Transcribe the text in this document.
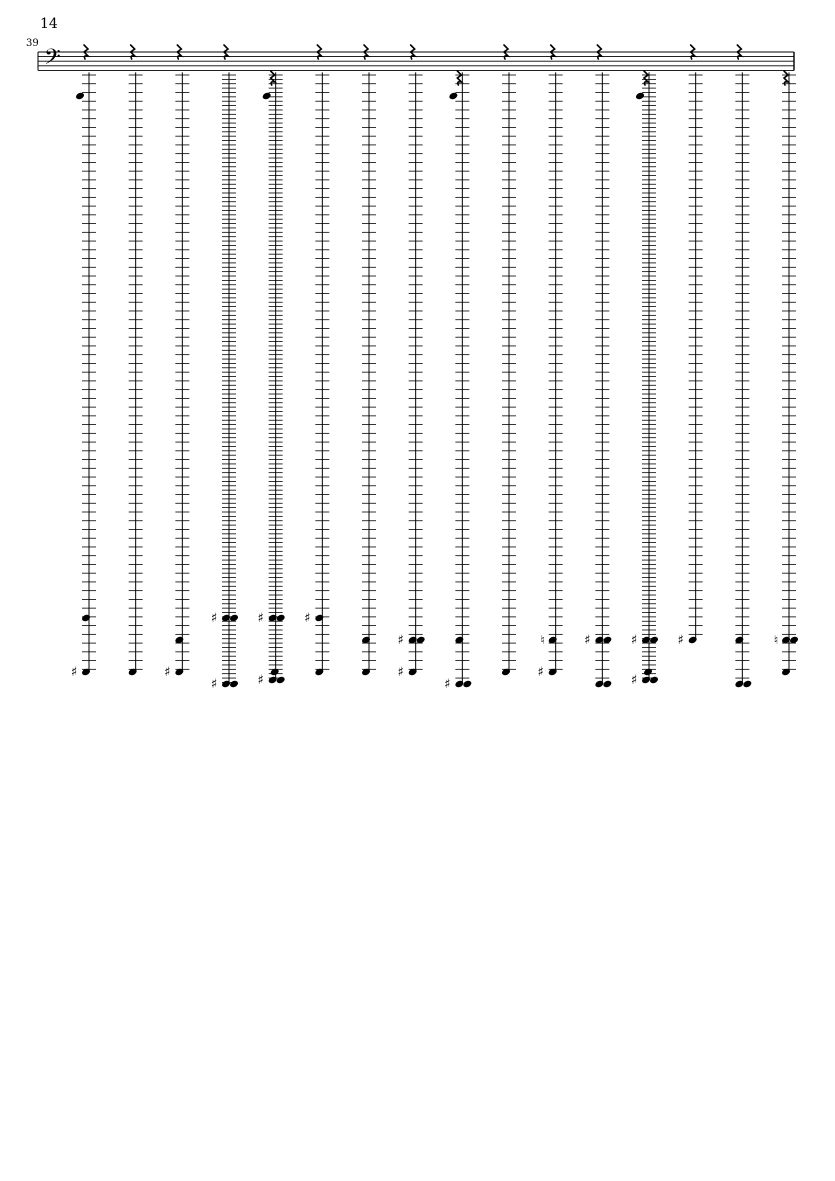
14
39
𝄢
♯	♯
♯
♯
♯
♯
♯
♯
♯
♯
♮
♯
♯	♯
♯
♯	♮
